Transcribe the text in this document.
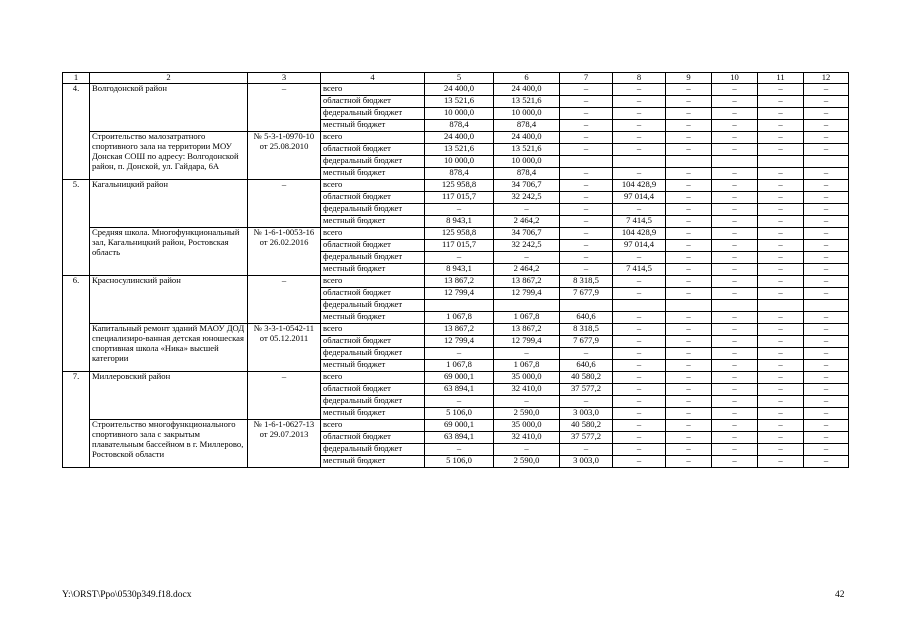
1	2	3	4	5	6	7	8	9	10	11	12
4.	Волгодонской район	–	всего	24 400,0	24 400,0	–	–	–	–	–	–
			областной бюджет	13 521,6	13 521,6	–	–	–	–	–	–
			федеральный бюджет	10 000,0	10 000,0	–	–	–	–	–	–
			местный бюджет	878,4	878,4	–	–	–	–	–	–
	Строительство малозатратного спортивного зала на территории МОУ Донская СОШ по адресу: Волгодонской район, п. Донской, ул. Гайдара, 6А	№ 5-3-1-0970-10 от 25.08.2010	всего	24 400,0	24 400,0	–	–	–	–	–	–
			областной бюджет	13 521,6	13 521,6	–	–	–	–	–	–
			федеральный бюджет	10 000,0	10 000,0						
			местный бюджет	878,4	878,4	–	–	–	–	–	–
5.	Кагальницкий район	–	всего	125 958,8	34 706,7	–	104 428,9	–	–	–	–
			областной бюджет	117 015,7	32 242,5	–	97 014,4	–	–	–	–
			федеральный бюджет	–	–	–	–	–	–	–	–
			местный бюджет	8 943,1	2 464,2	–	7 414,5	–	–	–	–
	Средняя школа. Многофункциональный зал, Кагальницкий район, Ростовская область	№ 1-6-1-0053-16 от 26.02.2016	всего	125 958,8	34 706,7	–	104 428,9	–	–	–	–
			областной бюджет	117 015,7	32 242,5	–	97 014,4	–	–	–	–
			федеральный бюджет	–	–	–	–	–	–	–	–
			местный бюджет	8 943,1	2 464,2	–	7 414,5	–	–	–	–
6.	Красносулинский район	–	всего	13 867,2	13 867,2	8 318,5	–	–	–	–	–
			областной бюджет	12 799,4	12 799,4	7 677,9	–	–	–	–	–
			федеральный бюджет								
			местный бюджет	1 067,8	1 067,8	640,6	–	–	–	–	–
	Капитальный ремонт зданий МАОУ ДОД специализиро-ванная детская юношеская спортивная школа «Ника» высшей категории	№ 3-3-1-0542-11 от 05.12.2011	всего	13 867,2	13 867,2	8 318,5	–	–	–	–	–
			областной бюджет	12 799,4	12 799,4	7 677,9	–	–	–	–	–
			федеральный бюджет	–	–	–	–	–	–	–	–
			местный бюджет	1 067,8	1 067,8	640,6	–	–	–	–	–
7.	Миллеровский район	–	всего	69 000,1	35 000,0	40 580,2	–	–	–	–	–
			областной бюджет	63 894,1	32 410,0	37 577,2	–	–	–	–	–
			федеральный бюджет	–	–	–	–	–	–	–	–
			местный бюджет	5 106,0	2 590,0	3 003,0	–	–	–	–	–
	Строительство многофункционального спортивного зала с закрытым плавательным бассейном в г. Миллерово, Ростовской области	№ 1-6-1-0627-13 от 29.07.2013	всего	69 000,1	35 000,0	40 580,2	–	–	–	–	–
			областной бюджет	63 894,1	32 410,0	37 577,2	–	–	–	–	–
			федеральный бюджет	–	–	–	–	–	–	–	–
			местный бюджет	5 106,0	2 590,0	3 003,0	–	–	–	–	–
Y:\ORST\Ppo\0530p349.f18.docx	42
